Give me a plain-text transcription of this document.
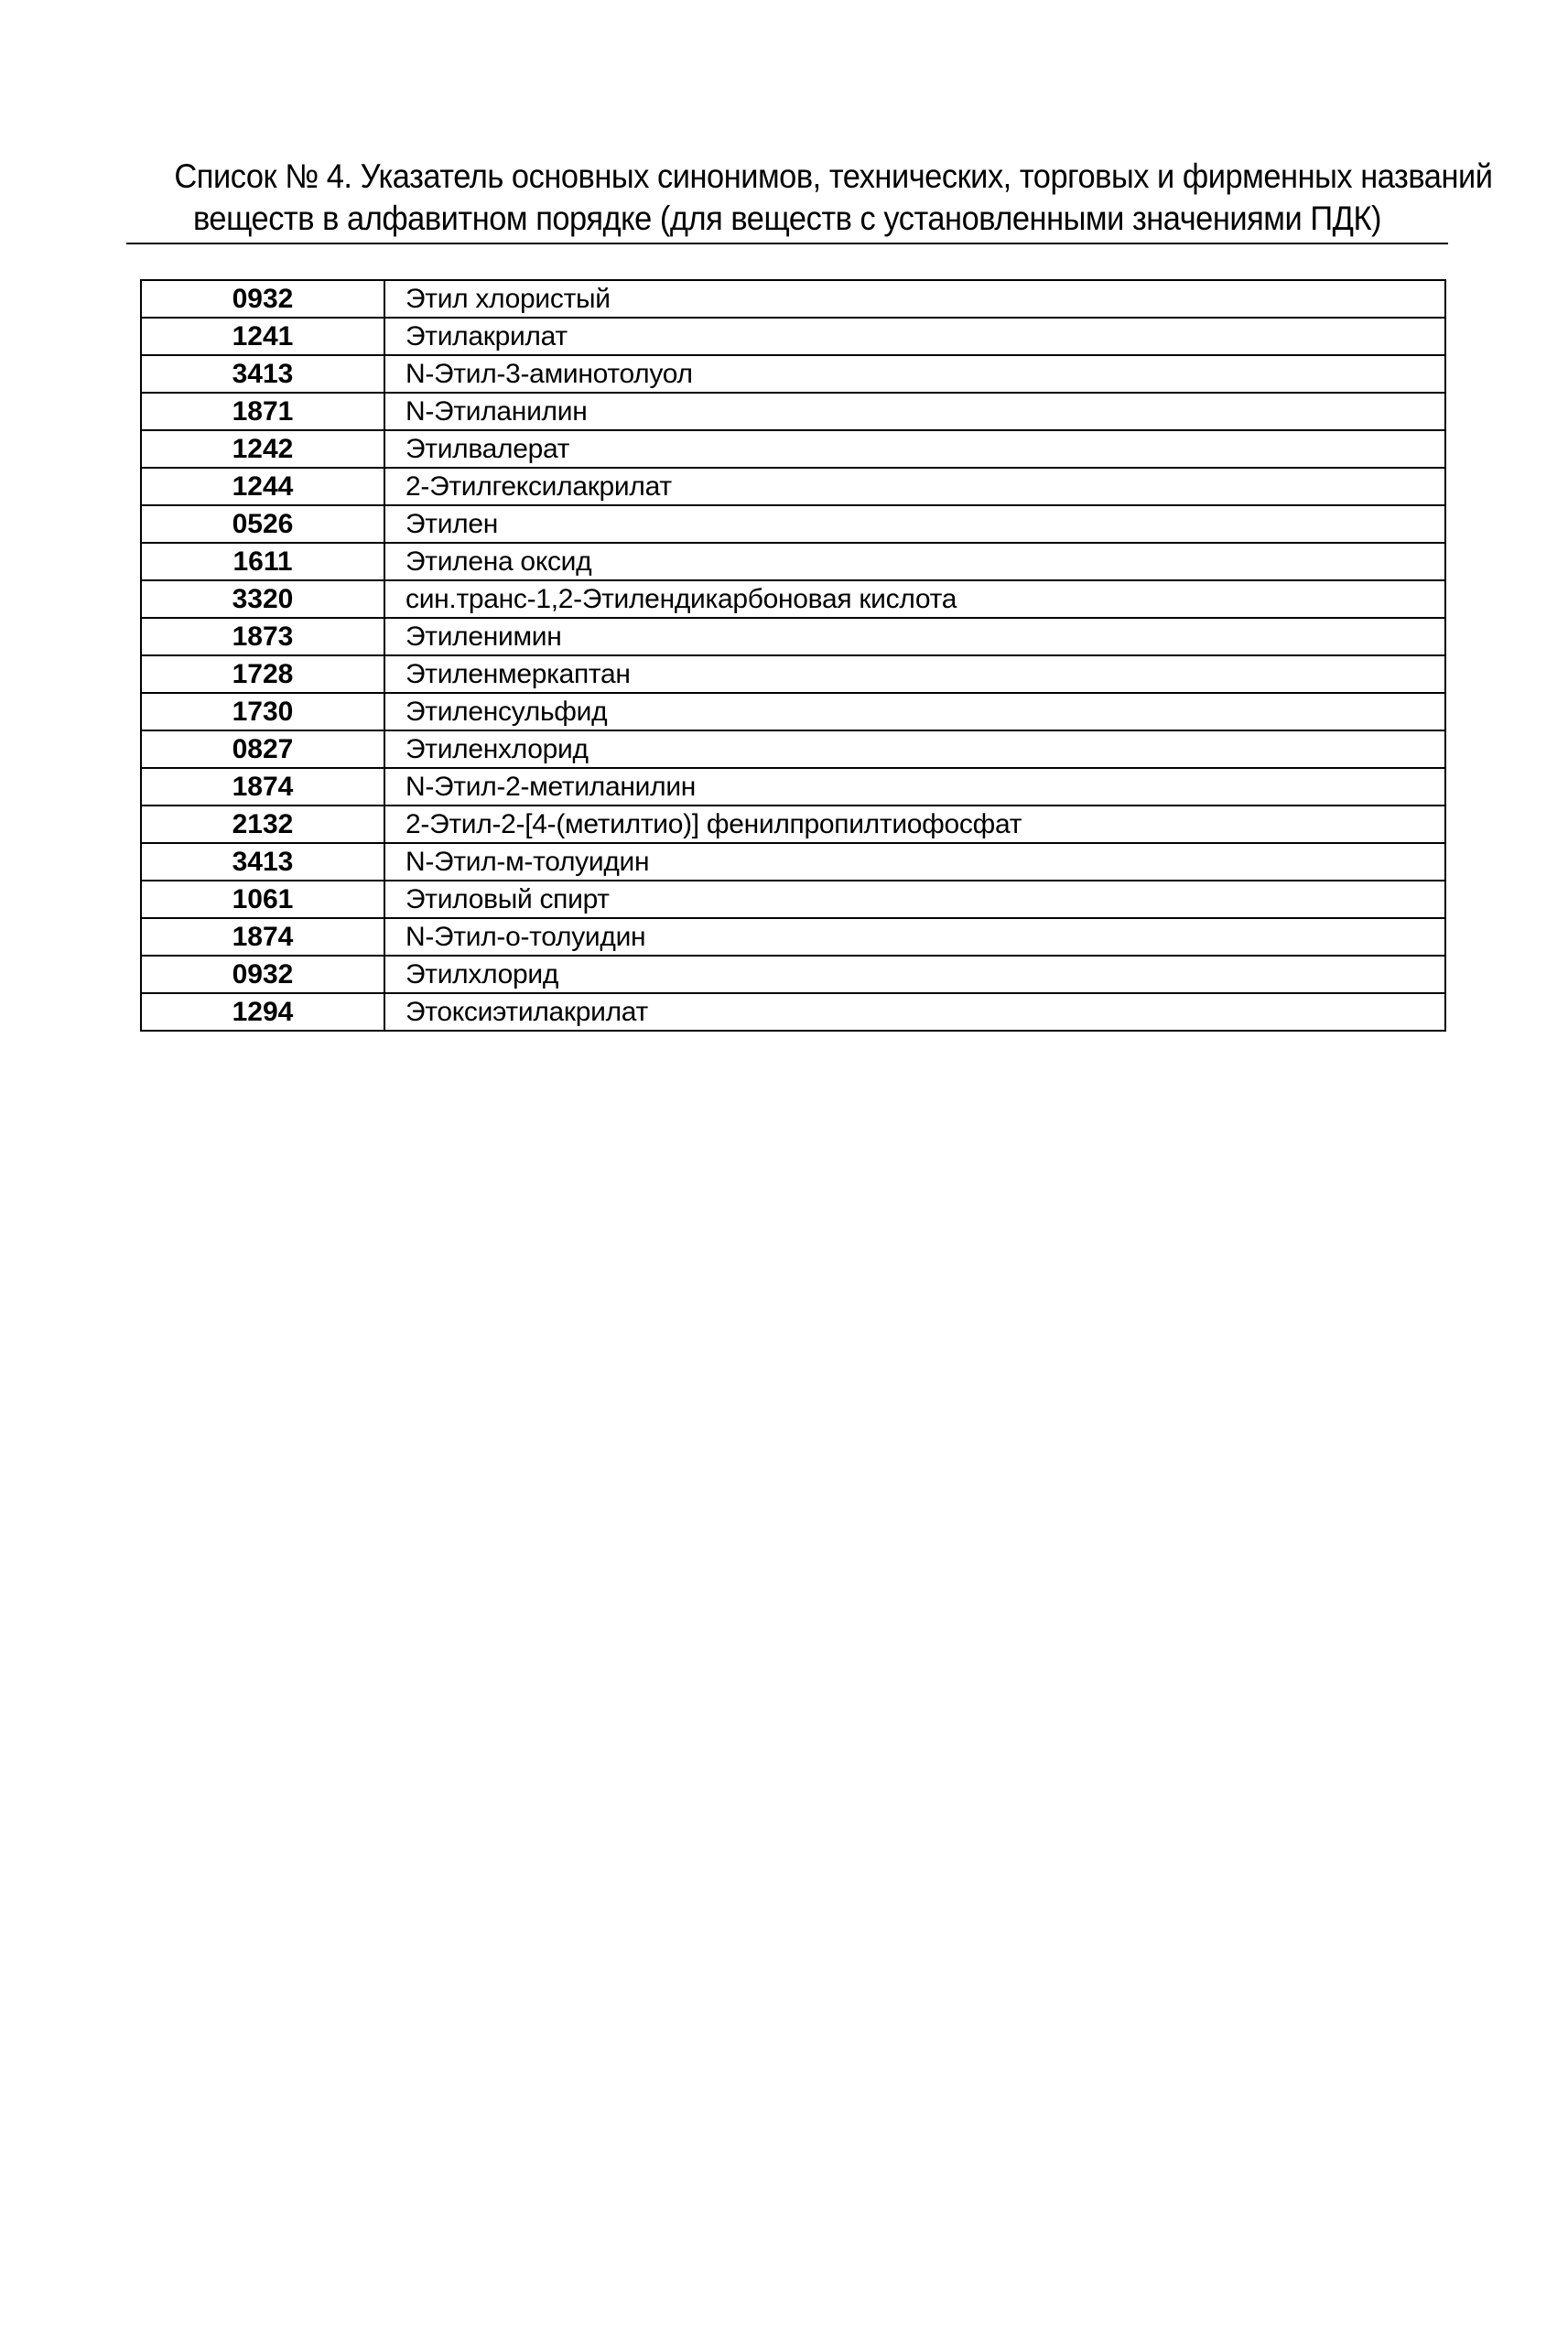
Список № 4. Указатель основных синонимов, технических, торговых и фирменных названий
веществ в алфавитном порядке (для веществ с установленными значениями ПДК)
0932	Этил хлористый
1241	Этилакрилат
3413	N-Этил-3-аминотолуол
1871	N-Этиланилин
1242	Этилвалерат
1244	2-Этилгексилакрилат
0526	Этилен
1611	Этилена оксид
3320	син.транс-1,2-Этилендикарбоновая кислота
1873	Этиленимин
1728	Этиленмеркаптан
1730	Этиленсульфид
0827	Этиленхлорид
1874	N-Этил-2-метиланилин
2132	2-Этил-2-[4-(метилтио)] фенилпропилтиофосфат
3413	N-Этил-м-толуидин
1061	Этиловый спирт
1874	N-Этил-о-толуидин
0932	Этилхлорид
1294	Этоксиэтилакрилат
